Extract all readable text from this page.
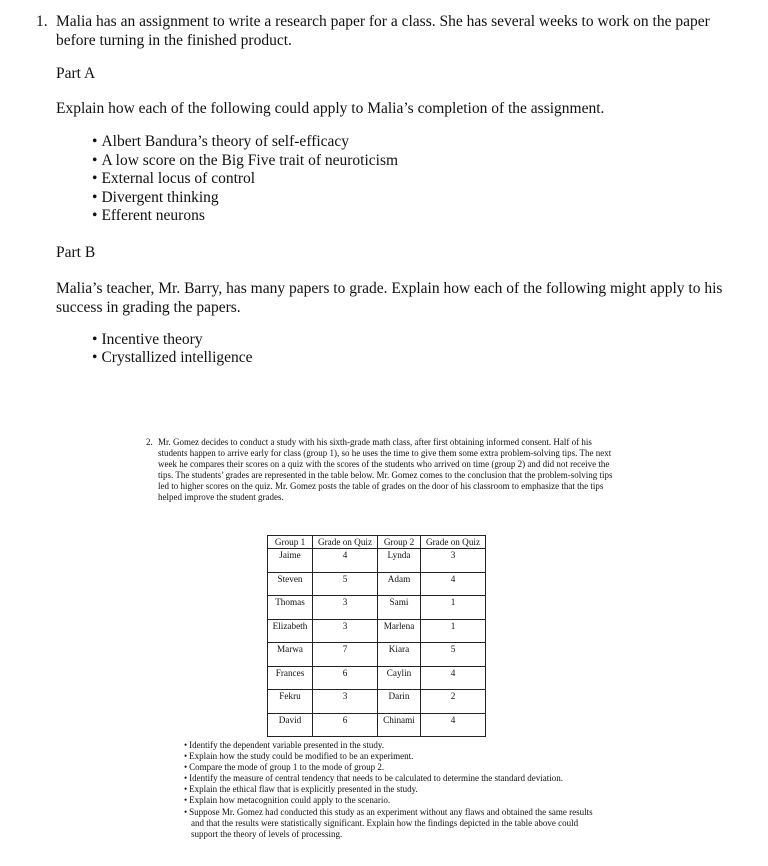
1. Malia has an assignment to write a research paper for a class. She has several weeks to work on the paper before turning in the finished product.

Part A

Explain how each of the following could apply to Malia’s completion of the assignment.

• Albert Bandura’s theory of self-efficacy
• A low score on the Big Five trait of neuroticism
• External locus of control
• Divergent thinking
• Efferent neurons

Part B

Malia’s teacher, Mr. Barry, has many papers to grade. Explain how each of the following might apply to his success in grading the papers.

• Incentive theory
• Crystallized intelligence
2. Mr. Gomez decides to conduct a study with his sixth-grade math class, after first obtaining informed consent. Half of his students happen to arrive early for class (group 1), so he uses the time to give them some extra problem-solving tips. The next week he compares their scores on a quiz with the scores of the students who arrived on time (group 2) and did not receive the tips. The students’ grades are represented in the table below. Mr. Gomez comes to the conclusion that the problem-solving tips led to higher scores on the quiz. Mr. Gomez posts the table of grades on the door of his classroom to emphasize that the tips helped improve the student grades.

Group 1	Grade on Quiz	Group 2	Grade on Quiz
Jaime	4	Lynda	3
Steven	5	Adam	4
Thomas	3	Sami	1
Elizabeth	3	Marlena	1
Marwa	7	Kiara	5
Frances	6	Caylin	4
Fekru	3	Darin	2
David	6	Chinami	4
• Identify the dependent variable presented in the study.
• Explain how the study could be modified to be an experiment.
• Compare the mode of group 1 to the mode of group 2.
• Identify the measure of central tendency that needs to be calculated to determine the standard deviation.
• Explain the ethical flaw that is explicitly presented in the study.
• Explain how metacognition could apply to the scenario.
• Suppose Mr. Gomez had conducted this study as an experiment without any flaws and obtained the same results and that the results were statistically significant. Explain how the findings depicted in the table above could support the theory of levels of processing.
